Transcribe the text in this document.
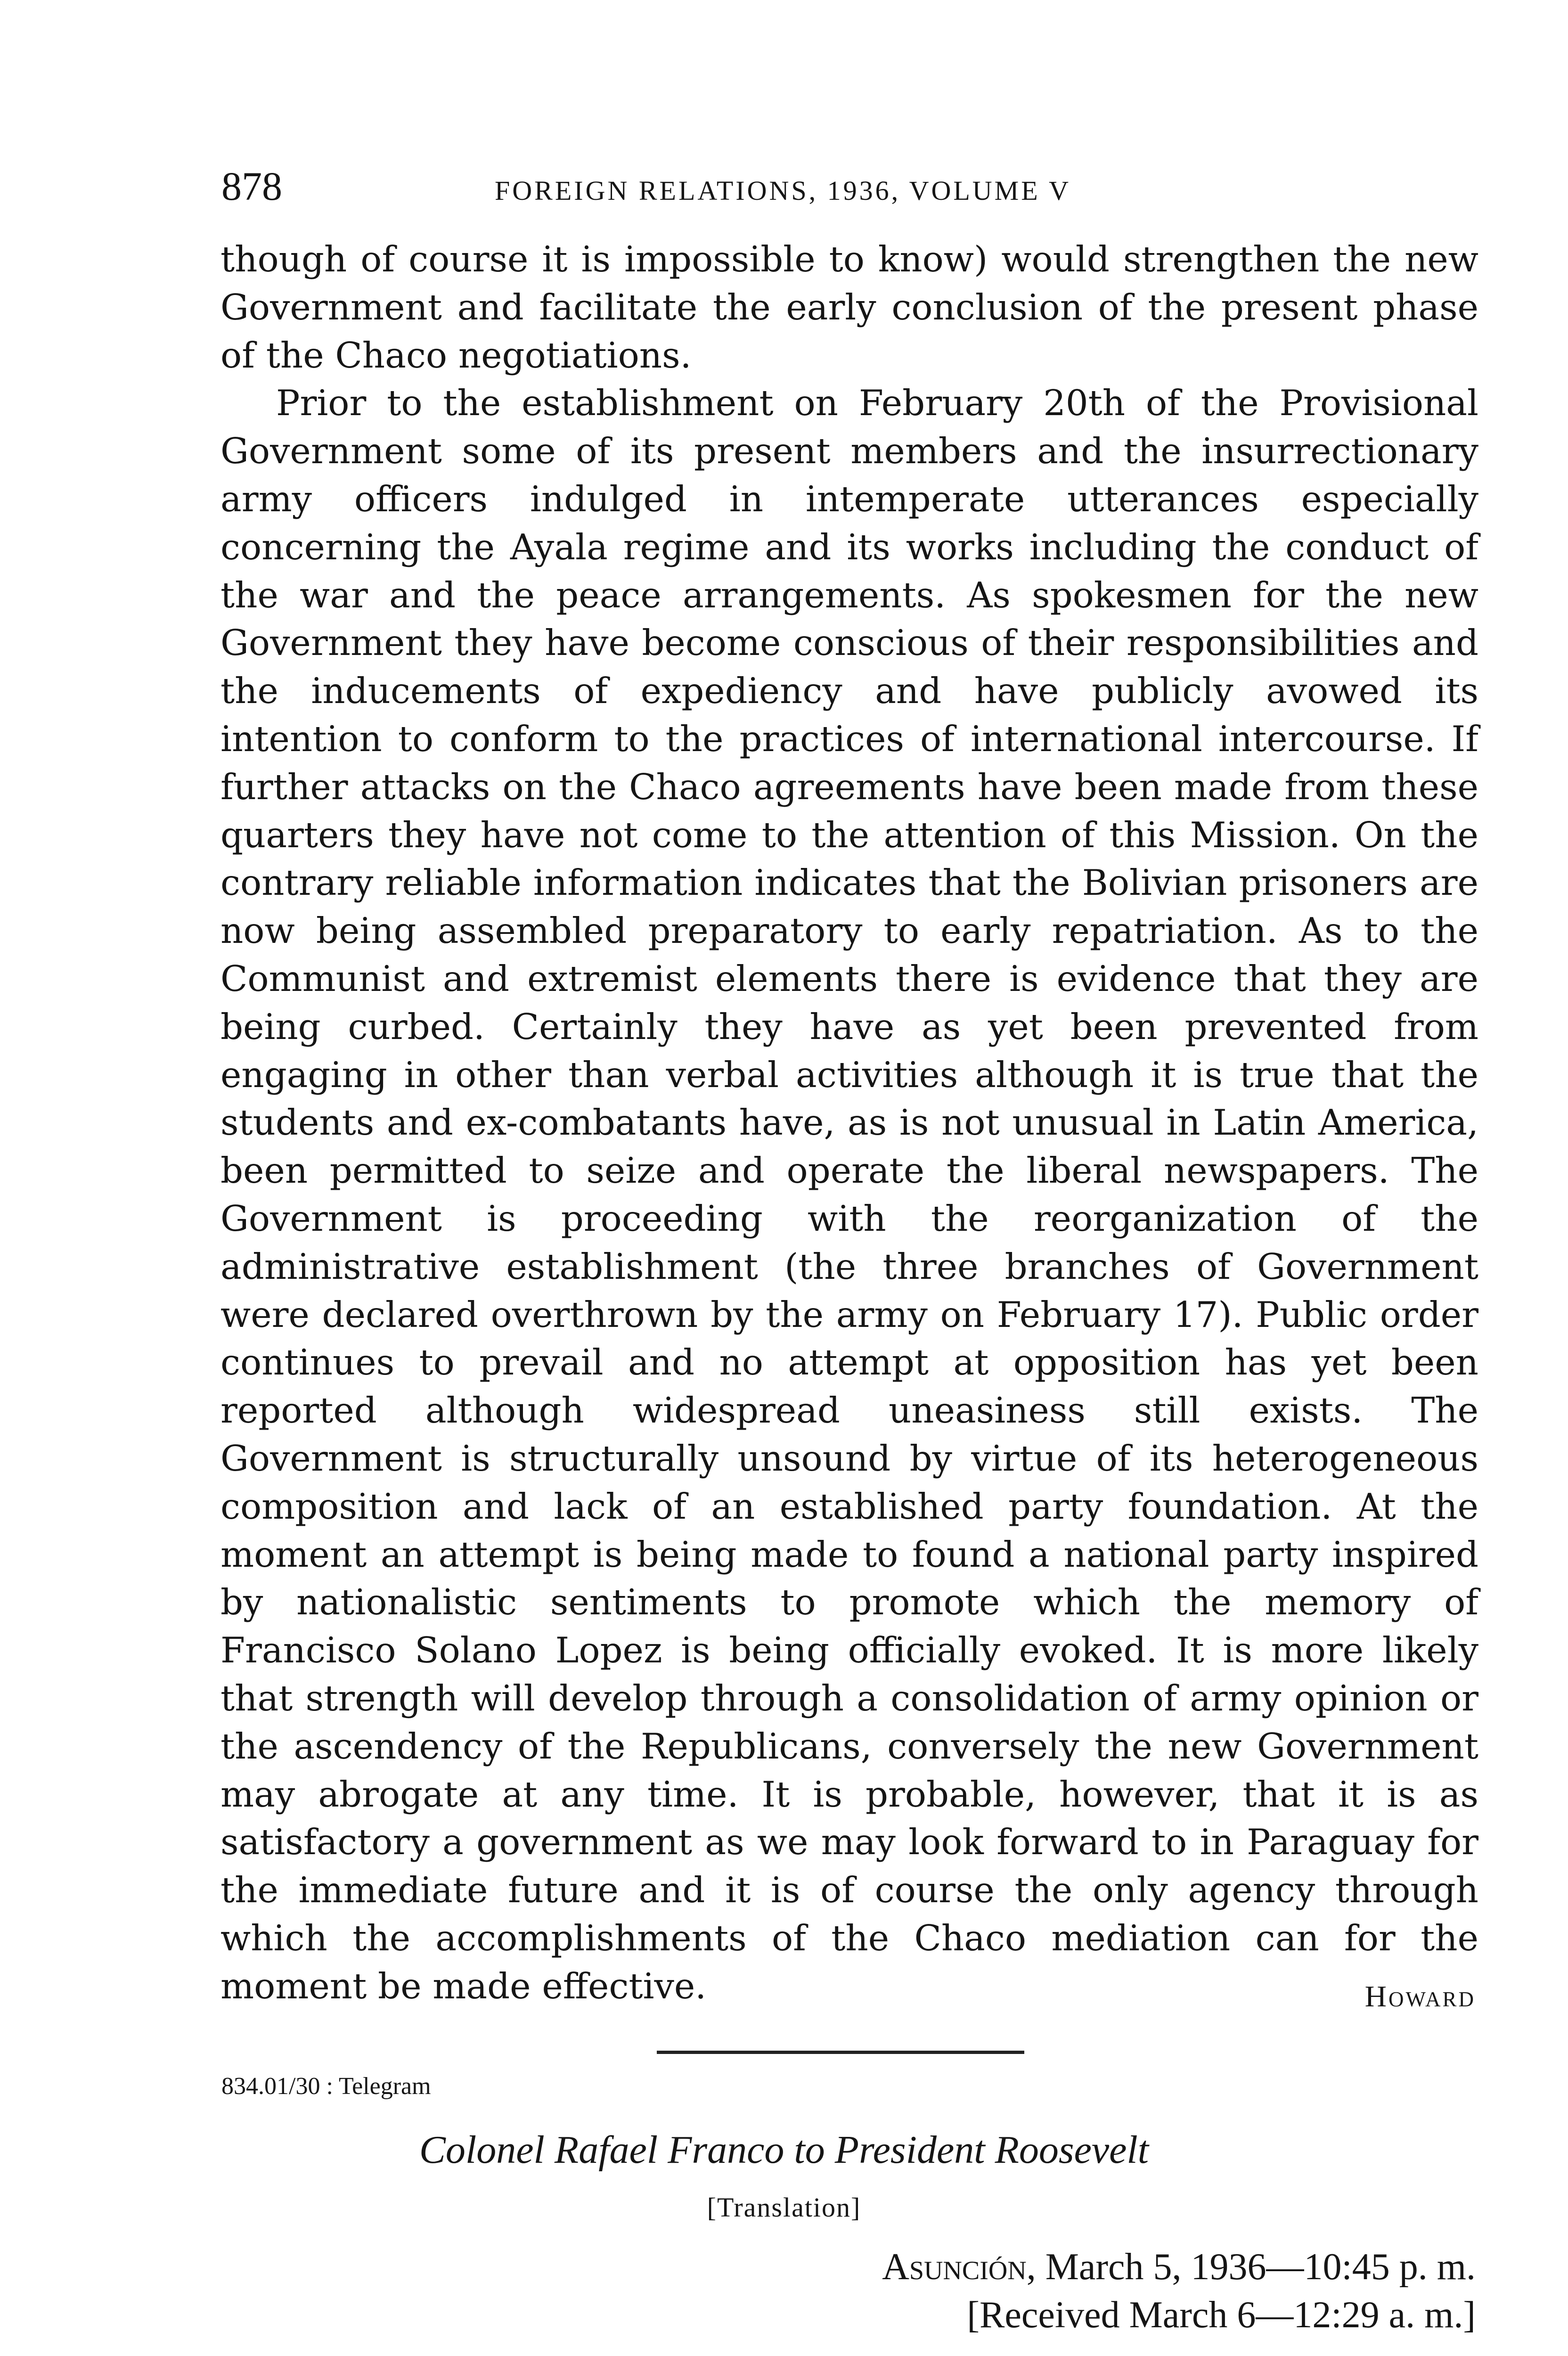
878	FOREIGN RELATIONS, 1936, VOLUME V

though of course it is impossible to know) would strengthen the new Government and facilitate the early conclusion of the present phase of the Chaco negotiations.

Prior to the establishment on February 20th of the Provisional Government some of its present members and the insurrectionary army officers indulged in intemperate utterances especially concerning the Ayala regime and its works including the conduct of the war and the peace arrangements. As spokesmen for the new Government they have become conscious of their responsibilities and the inducements of expediency and have publicly avowed its intention to conform to the practices of international intercourse. If further attacks on the Chaco agreements have been made from these quarters they have not come to the attention of this Mission. On the contrary reliable information indicates that the Bolivian prisoners are now being assembled preparatory to early repatriation. As to the Communist and extremist elements there is evidence that they are being curbed. Certainly they have as yet been prevented from engaging in other than verbal activities although it is true that the students and ex-combatants have, as is not unusual in Latin America, been permitted to seize and operate the liberal newspapers. The Government is proceeding with the reorganization of the administrative establishment (the three branches of Government were declared overthrown by the army on February 17). Public order continues to prevail and no attempt at opposition has yet been reported although widespread uneasiness still exists. The Government is structurally unsound by virtue of its heterogeneous composition and lack of an established party foundation. At the moment an attempt is being made to found a national party inspired by nationalistic sentiments to promote which the memory of Francisco Solano Lopez is being officially evoked. It is more likely that strength will develop through a consolidation of army opinion or the ascendency of the Republicans, conversely the new Government may abrogate at any time. It is probable, however, that it is as satisfactory a government as we may look forward to in Paraguay for the immediate future and it is of course the only agency through which the accomplishments of the Chaco mediation can for the moment be made effective.	Howard
834.01/30 : Telegram
Colonel Rafael Franco to President Roosevelt
[Translation]
Asunción, March 5, 1936—10:45 p. m.
[Received March 6—12:29 a. m.]
